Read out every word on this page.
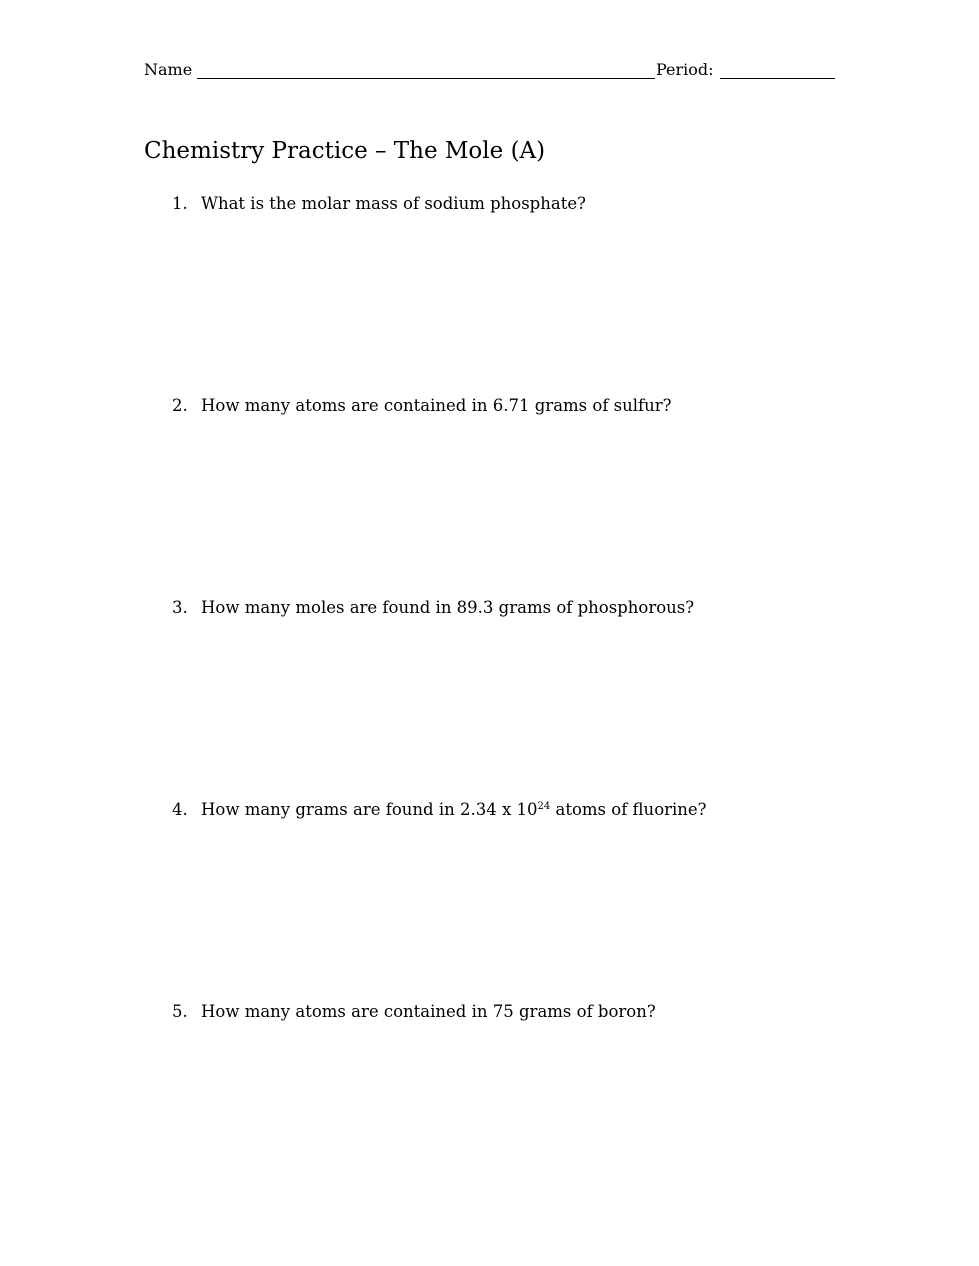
Name	Period:
Chemistry Practice – The Mole (A)
1. What is the molar mass of sodium phosphate?
2. How many atoms are contained in 6.71 grams of sulfur?
3. How many moles are found in 89.3 grams of phosphorous?
4. How many grams are found in 2.34 x $10^{24}$ atoms of fluorine?
5. How many atoms are contained in 75 grams of boron?
